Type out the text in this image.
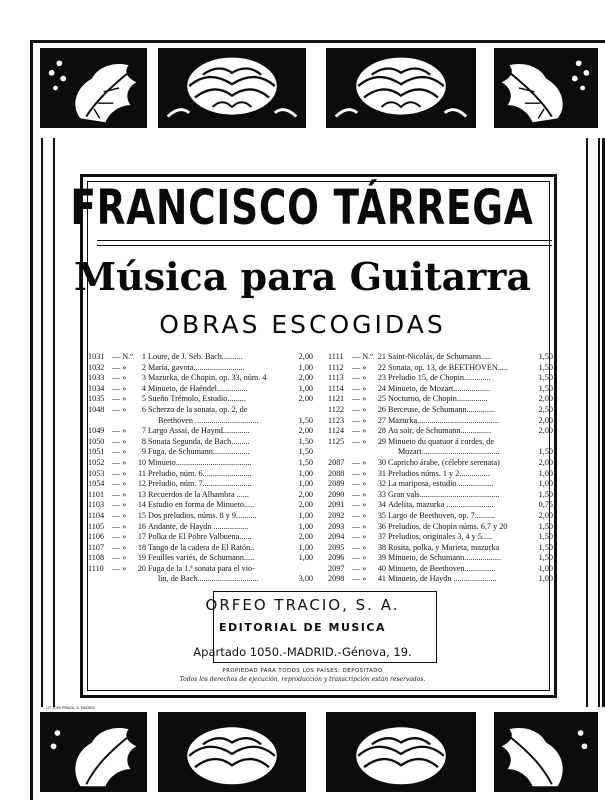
FRANCISCO TÁRREGA
Música para Guitarra
OBRAS ESCOGIDAS
1031 — N.º	1 Loure, de J. Seb. Bach..........	2,00
1032 — »	2 María, gavota.........................	1,00
1033 — »	3 Mazurka, de Chopin, op. 33, núm. 4	2,00
1034 — »	4 Minueto, de Haëndel...............	1,00
1035 — »	5 Sueño Trémolo, Estudio.........	2,00
1048 — »	6 Scherzo de la sonata, op. 2, de
Beethoven ...............................	1,50
1049 — »	7 Largo Assai, de Haynd.............	2,00
1050 — »	8 Sonata Segunda, de Bach.........	1,50
1051 — »	9 Fuga, de Schumann..................	1,50
1052 — »	10 Minueto.....................................	1,50
1053 — »	11 Preludio, núm. 6........................	1,00
1054 — »	12 Preludio, núm. 7........................	1,00
1101 — »	13 Recuerdos de la Alhambra ......	2,00
1103 — »	14 Estudio en forma de Minueto.....	2,00
1104 — »	15 Dos preludios, núms. 8 y 9..........	1,00
1105 — »	16 Andante, de Haydn .................	1,00
1106 — »	17 Polka de El Pobre Valbuena......	2,00
1107 — »	18 Tango de la cadera de El Ratón..	1,00
1108 — »	19 Feuilles variés, de Schumann.....	1,00
1110	— »	20 Fuga de la 1.ª sonata para el vio-
lín, de Bach..............................	3,00
1111	— N.º 21 Saint-Nicolás, de Schumann.....	1,50
1112	— »	22 Sonata, op. 13, de BEETHOVEN.....	1,50
1113	— »	23 Preludio 15, de Chopin.............	1,50
1114	— »	24 Minueto, de Mozart..................	1,50
1121 — »	25 Nocturno, de Chopin...............	2,00
1122 — »	26 Berceuse, de Schumann..............	2,50
1123 — »	27 Mazurka........................................	2,00
1124 — »	28 Au soir, de Schumann...............	2,00
1125 — »	29 Minueto du quatuor á cordes, de
Mozart......................................	1,50
2087 — »	30 Capricho árabe, (célebre serenata)	2,00
2088 — »	31 Preludios núms. 1 y 2...............	1,00
2089 — »	32 La mariposa, estudio .................	1,00
2090 — »	33 Gran vals.......................................	1,50
2091 — »	34 Adelita, mazurka .......................	0,75
2092 — »	35 Largo de Beethoven, op. 7..........	2,00
2093 — »	36 Preludios, de Chopin núms. 6,7 y 20	1,50
2094 — »	37 Preludios, originales 3, 4 y 5.....	1,50
2095 — »	38 Rosita, polka, y Marieta, mazurka	1,50
2096 — »	39 Minueto, de Schumann..................	1,50
2097 — »	40 Minueto, de Beethoven...............	1,00
2098 — »	41 Minueto, de Haydn .....................	1,00
ORFEO TRACIO, S. A.
EDITORIAL DE MUSICA
Apartado 1050.-MADRID.-Génova, 19.
PROPIEDAD PARA TODOS LOS PAÍSES: DEPOSITADO
Todos los derechos de ejecución, reproducción y transcripción están reservados.
LIT. JOSE PRAGA, S. MADRID
